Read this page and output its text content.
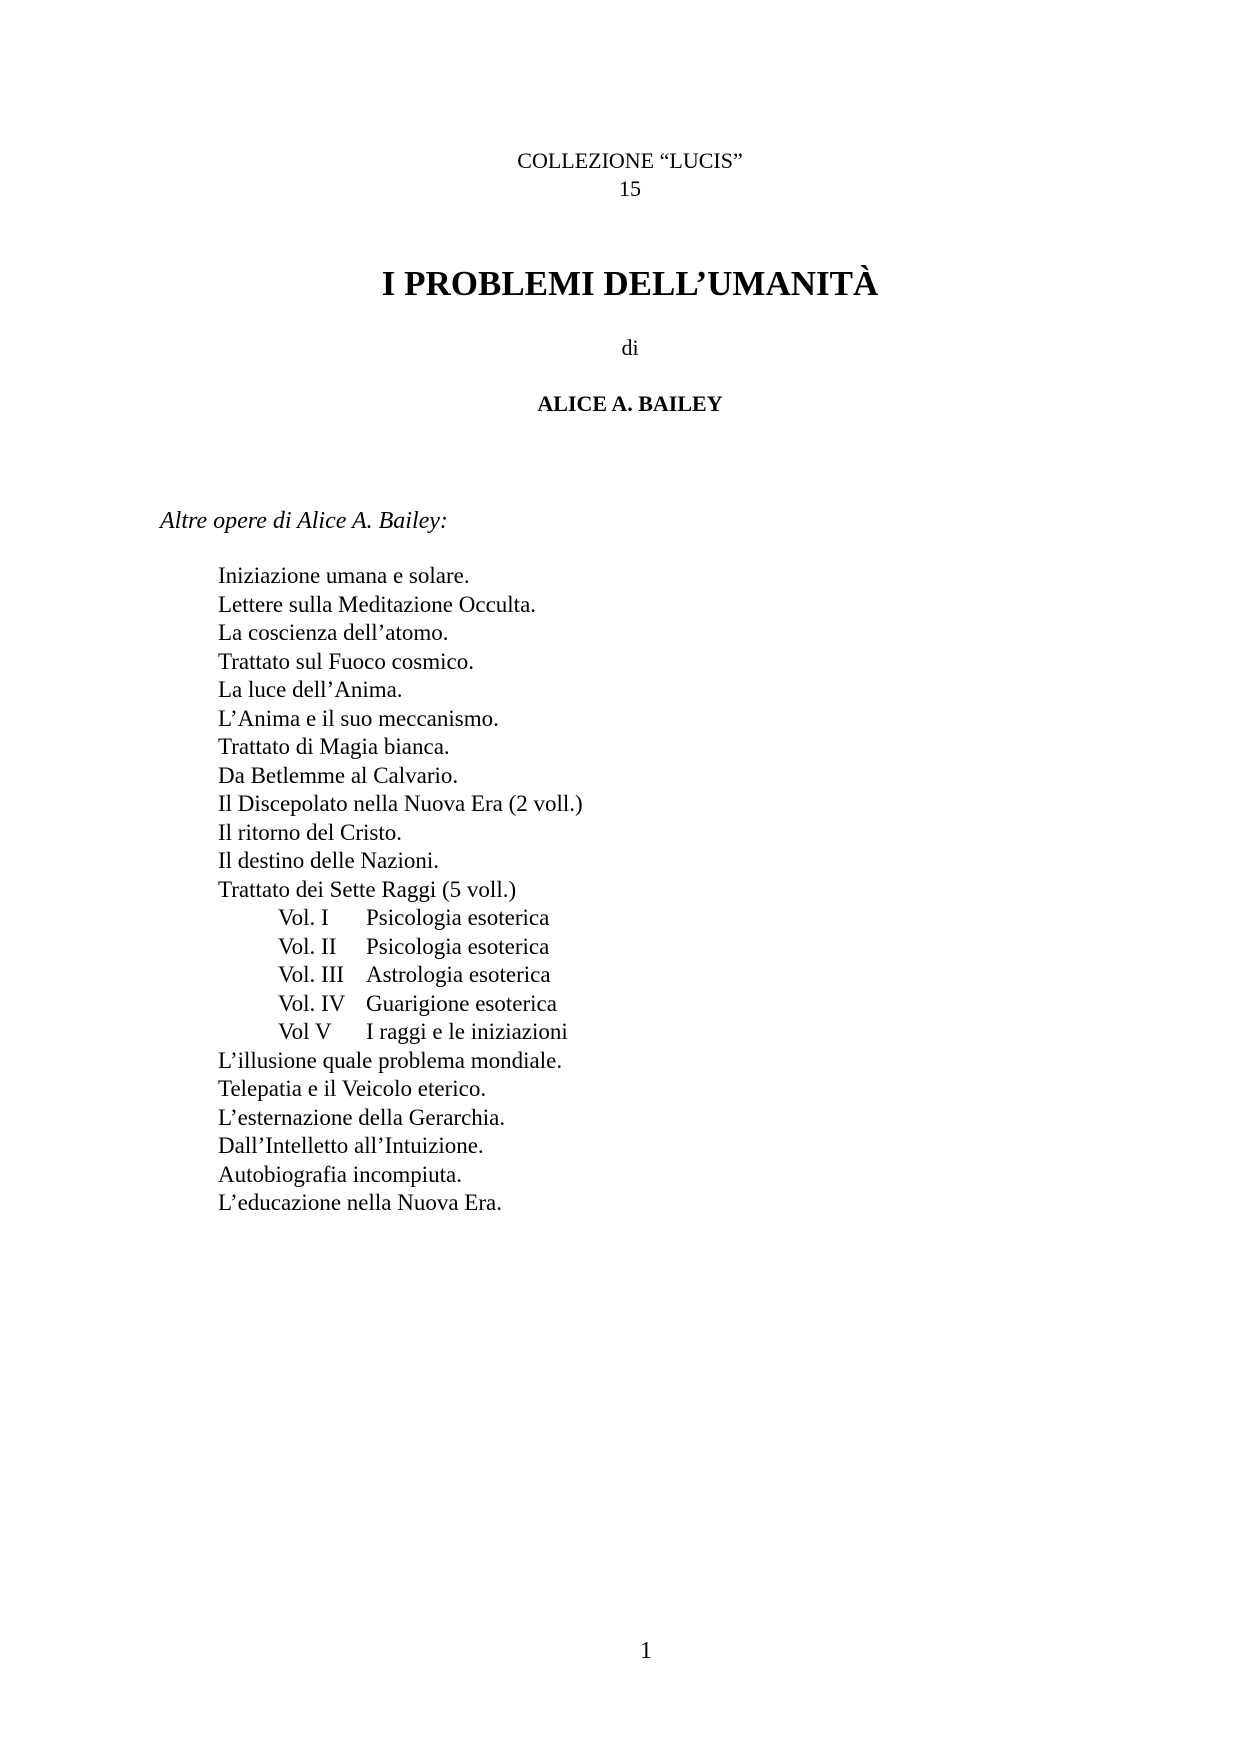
COLLEZIONE “LUCIS”
15
I PROBLEMI DELL’UMANITÀ
di
ALICE A. BAILEY
Altre opere di Alice A. Bailey:
Iniziazione umana e solare.
Lettere sulla Meditazione Occulta.
La coscienza dell’atomo.
Trattato sul Fuoco cosmico.
La luce dell’Anima.
L’Anima e il suo meccanismo.
Trattato di Magia bianca.
Da Betlemme al Calvario.
Il Discepolato nella Nuova Era (2 voll.)
Il ritorno del Cristo.
Il destino delle Nazioni.
Trattato dei Sette Raggi (5 voll.)
Vol. I Psicologia esoterica
Vol. II Psicologia esoterica
Vol. III Astrologia esoterica
Vol. IV Guarigione esoterica
Vol V I raggi e le iniziazioni
L’illusione quale problema mondiale.
Telepatia e il Veicolo eterico.
L’esternazione della Gerarchia.
Dall’Intelletto all’Intuizione.
Autobiografia incompiuta.
L’educazione nella Nuova Era.
1
